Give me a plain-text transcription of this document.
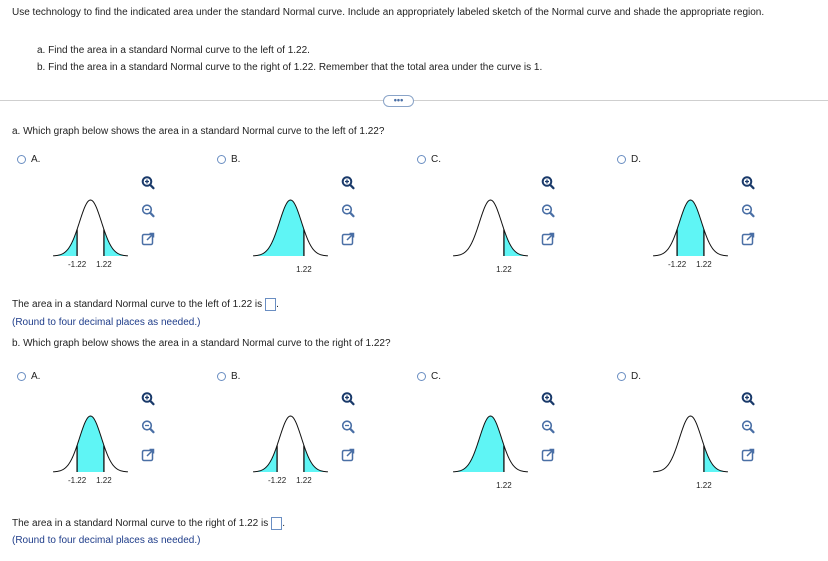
Use technology to find the indicated area under the standard Normal curve. Include an appropriately labeled sketch of the Normal curve and shade the appropriate region.
a. Find the area in a standard Normal curve to the left of 1.22.
b. Find the area in a standard Normal curve to the right of 1.22. Remember that the total area under the curve is 1.
•••
a. Which graph below shows the area in a standard Normal curve to the left of 1.22?
A.	B.	C.	D.
-1.22 1.22
1.22	1.22
-1.22 1.22
The area in a standard Normal curve to the left of 1.22 is .
(Round to four decimal places as needed.)
b. Which graph below shows the area in a standard Normal curve to the right of 1.22?
A.	B.	C.	D.
-1.22 1.22	-1.22 1.22
1.22	1.22
The area in a standard Normal curve to the right of 1.22 is .
(Round to four decimal places as needed.)
